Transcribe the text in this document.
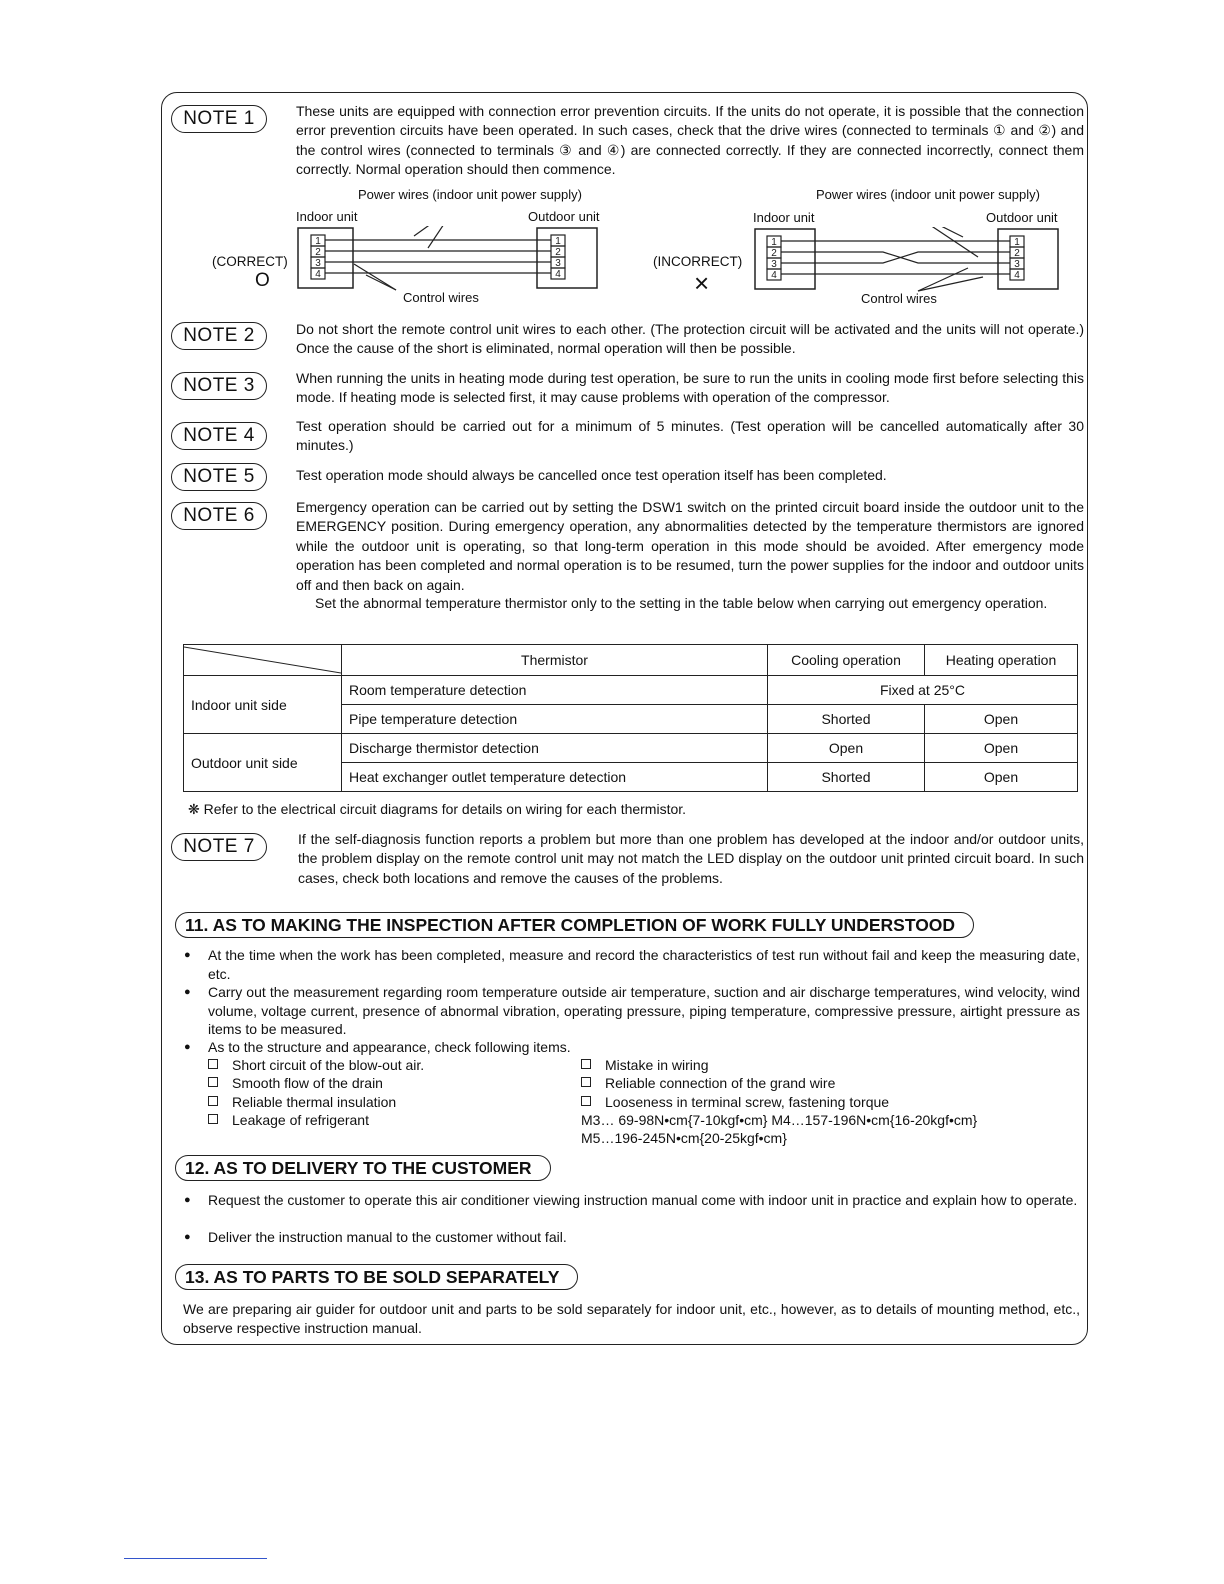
NOTE 1	These units are equipped with connection error prevention circuits. If the units do not operate, it is possible that the connection error prevention circuits have been operated. In such cases, check that the drive wires (connected to terminals ① and ②) and the control wires (connected to terminals ③ and ④) are connected correctly. If they are connected incorrectly, connect them correctly. Normal operation should then commence.
Power wires (indoor unit power supply)
Indoor unit	Outdoor unit
(CORRECT)
O
Control wires
1
2
3
4
1
2
3
4
Power wires (indoor unit power supply)
Indoor unit	Outdoor unit
(INCORRECT)
×
Control wires
1
2
3
4
1
2
3
4
NOTE 2	Do not short the remote control unit wires to each other. (The protection circuit will be activated and the units will not operate.) Once the cause of the short is eliminated, normal operation will then be possible.
NOTE 3	When running the units in heating mode during test operation, be sure to run the units in cooling mode first before selecting this mode. If heating mode is selected first, it may cause problems with operation of the compressor.
NOTE 4	Test operation should be carried out for a minimum of 5 minutes. (Test operation will be cancelled automatically after 30 minutes.)
NOTE 5	Test operation mode should always be cancelled once test operation itself has been completed.
NOTE 6	Emergency operation can be carried out by setting the DSW1 switch on the printed circuit board inside the outdoor unit to the EMERGENCY position. During emergency operation, any abnormalities detected by the temperature thermistors are ignored while the outdoor unit is operating, so that long-term operation in this mode should be avoided. After emergency mode operation has been completed and normal operation is to be resumed, turn the power supplies for the indoor and outdoor units off and then back on again.
Set the abnormal temperature thermistor only to the setting in the table below when carrying out emergency operation.
	Thermistor	Cooling operation	Heating operation
Indoor unit side	Room temperature detection	Fixed at 25°C	
	Pipe temperature detection	Shorted	Open
Outdoor unit side	Discharge thermistor detection	Open	Open
	Heat exchanger outlet temperature detection	Shorted	Open
❋ Refer to the electrical circuit diagrams for details on wiring for each thermistor.
NOTE 7	If the self-diagnosis function reports a problem but more than one problem has developed at the indoor and/or outdoor units, the problem display on the remote control unit may not match the LED display on the outdoor unit printed circuit board. In such cases, check both locations and remove the causes of the problems.
11. AS TO MAKING THE INSPECTION AFTER COMPLETION OF WORK FULLY UNDERSTOOD
● At the time when the work has been completed, measure and record the characteristics of test run without fail and keep the measuring date, etc.
● Carry out the measurement regarding room temperature outside air temperature, suction and air discharge temperatures, wind velocity, wind volume, voltage current, presence of abnormal vibration, operating pressure, piping temperature, compressive pressure, airtight pressure as items to be measured.
● As to the structure and appearance, check following items.
Short circuit of the blow-out air.
Smooth flow of the drain
Reliable thermal insulation
Leakage of refrigerant
Mistake in wiring
Reliable connection of the grand wire
Looseness in terminal screw, fastening torque
M3… 69-98N•cm{7-10kgf•cm} M4…157-196N•cm{16-20kgf•cm}
M5…196-245N•cm{20-25kgf•cm}
12. AS TO DELIVERY TO THE CUSTOMER
● Request the customer to operate this air conditioner viewing instruction manual come with indoor unit in practice and explain how to operate.
● Deliver the instruction manual to the customer without fail.
13. AS TO PARTS TO BE SOLD SEPARATELY
We are preparing air guider for outdoor unit and parts to be sold separately for indoor unit, etc., however, as to details of mounting method, etc., observe respective instruction manual.
